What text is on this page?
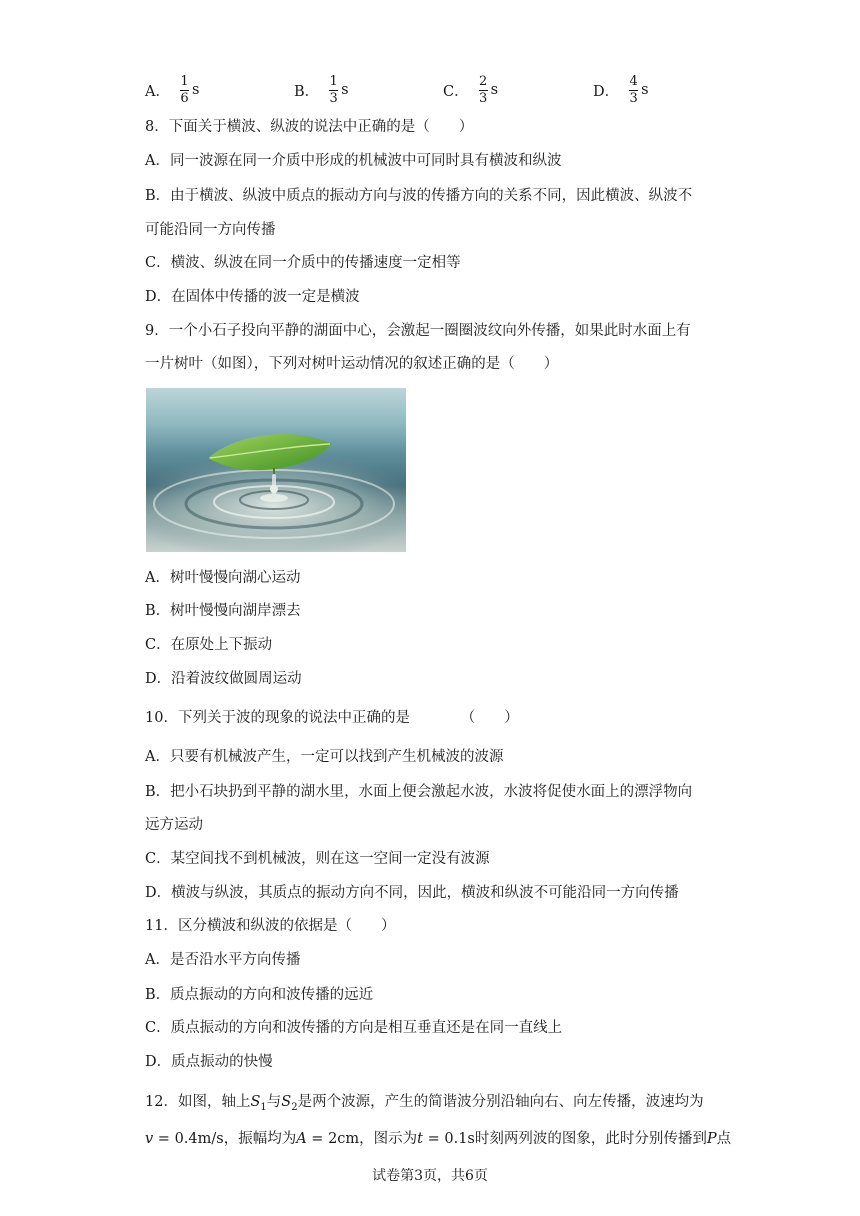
A． $\frac{1}{6}$ s	B． $\frac{1}{3}$ s	C． $\frac{2}{3}$ s	D． $\frac{4}{3}$ s
8．下面关于横波、纵波的说法中正确的是（　　）
A．同一波源在同一介质中形成的机械波中可同时具有横波和纵波
B．由于横波、纵波中质点的振动方向与波的传播方向的关系不同，因此横波、纵波不
可能沿同一方向传播
C．横波、纵波在同一介质中的传播速度一定相等
D．在固体中传播的波一定是横波
9．一个小石子投向平静的湖面中心，会激起一圈圈波纹向外传播，如果此时水面上有
一片树叶（如图），下列对树叶运动情况的叙述正确的是（　　）
A．树叶慢慢向湖心运动
B．树叶慢慢向湖岸漂去
C．在原处上下振动
D．沿着波纹做圆周运动
10．下列关于波的现象的说法中正确的是　　　　（　　）
A．只要有机械波产生，一定可以找到产生机械波的波源
B．把小石块扔到平静的湖水里，水面上便会激起水波，水波将促使水面上的漂浮物向
远方运动
C．某空间找不到机械波，则在这一空间一定没有波源
D．横波与纵波，其质点的振动方向不同，因此，横波和纵波不可能沿同一方向传播
11．区分横波和纵波的依据是（　　）
A．是否沿水平方向传播
B．质点振动的方向和波传播的远近
C．质点振动的方向和波传播的方向是相互垂直还是在同一直线上
D．质点振动的快慢
12．如图，轴上$S_1$与$S_2$是两个波源，产生的简谐波分别沿轴向右、向左传播，波速均为
v = 0.4m/s，振幅均为A = 2cm，图示为t = 0.1s时刻两列波的图象，此时分别传播到P点
试卷第3页，共6页
